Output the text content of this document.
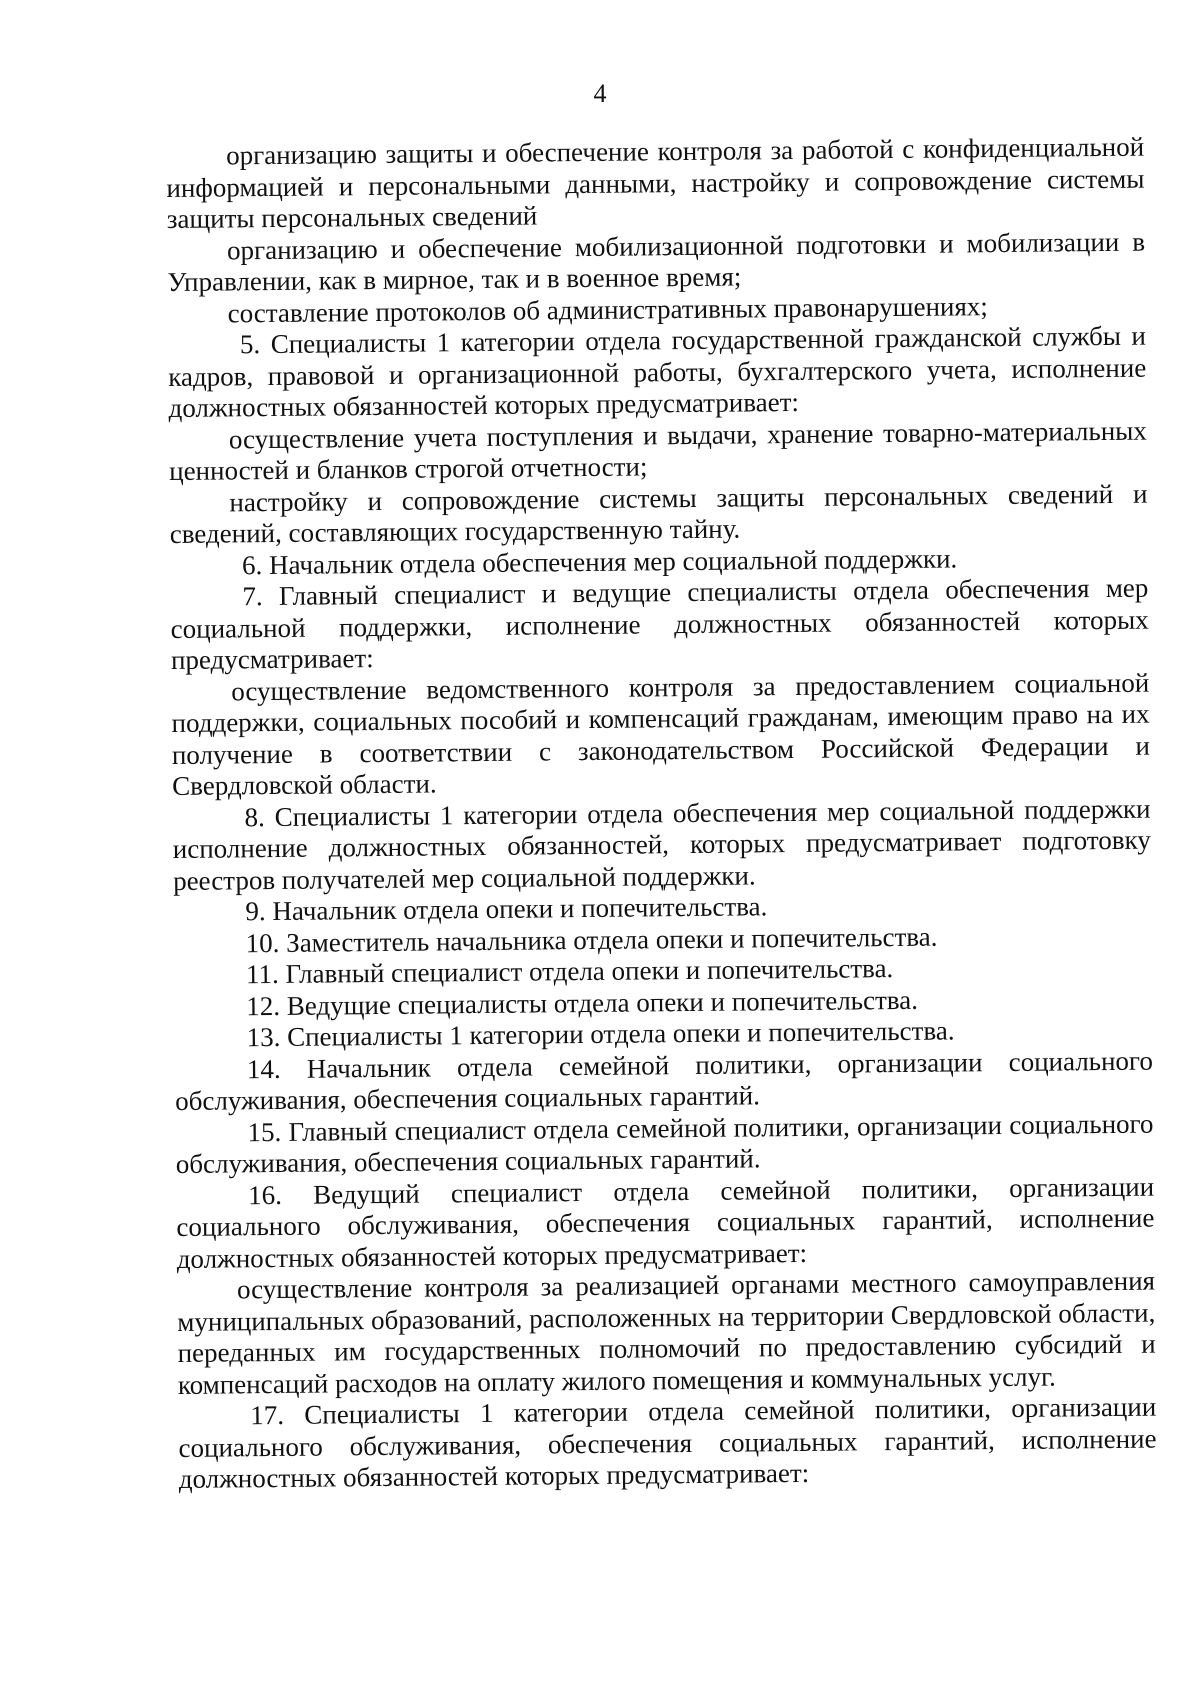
4

организацию защиты и обеспечение контроля за работой с конфиденциальной информацией и персональными данными, настройку и сопровождение системы защиты персональных сведений

организацию и обеспечение мобилизационной подготовки и мобилизации в Управлении, как в мирное, так и в военное время;

составление протоколов об административных правонарушениях;

5. Специалисты 1 категории отдела государственной гражданской службы и кадров, правовой и организационной работы, бухгалтерского учета, исполнение должностных обязанностей которых предусматривает:

осуществление учета поступления и выдачи, хранение товарно-материальных ценностей и бланков строгой отчетности;

настройку и сопровождение системы защиты персональных сведений и сведений, составляющих государственную тайну.

6. Начальник отдела обеспечения мер социальной поддержки.

7. Главный специалист и ведущие специалисты отдела обеспечения мер социальной поддержки, исполнение должностных обязанностей которых предусматривает:

осуществление ведомственного контроля за предоставлением социальной поддержки, социальных пособий и компенсаций гражданам, имеющим право на их получение в соответствии с законодательством Российской Федерации и Свердловской области.

8. Специалисты 1 категории отдела обеспечения мер социальной поддержки исполнение должностных обязанностей, которых предусматривает подготовку реестров получателей мер социальной поддержки.

9. Начальник отдела опеки и попечительства.

10. Заместитель начальника отдела опеки и попечительства.

11. Главный специалист отдела опеки и попечительства.

12. Ведущие специалисты отдела опеки и попечительства.

13. Специалисты 1 категории отдела опеки и попечительства.

14. Начальник отдела семейной политики, организации социального обслуживания, обеспечения социальных гарантий.

15. Главный специалист отдела семейной политики, организации социального обслуживания, обеспечения социальных гарантий.

16. Ведущий специалист отдела семейной политики, организации социального обслуживания, обеспечения социальных гарантий, исполнение должностных обязанностей которых предусматривает:

осуществление контроля за реализацией органами местного самоуправления муниципальных образований, расположенных на территории Свердловской области, переданных им государственных полномочий по предоставлению субсидий и компенсаций расходов на оплату жилого помещения и коммунальных услуг.

17. Специалисты 1 категории отдела семейной политики, организации социального обслуживания, обеспечения социальных гарантий, исполнение должностных обязанностей которых предусматривает:
